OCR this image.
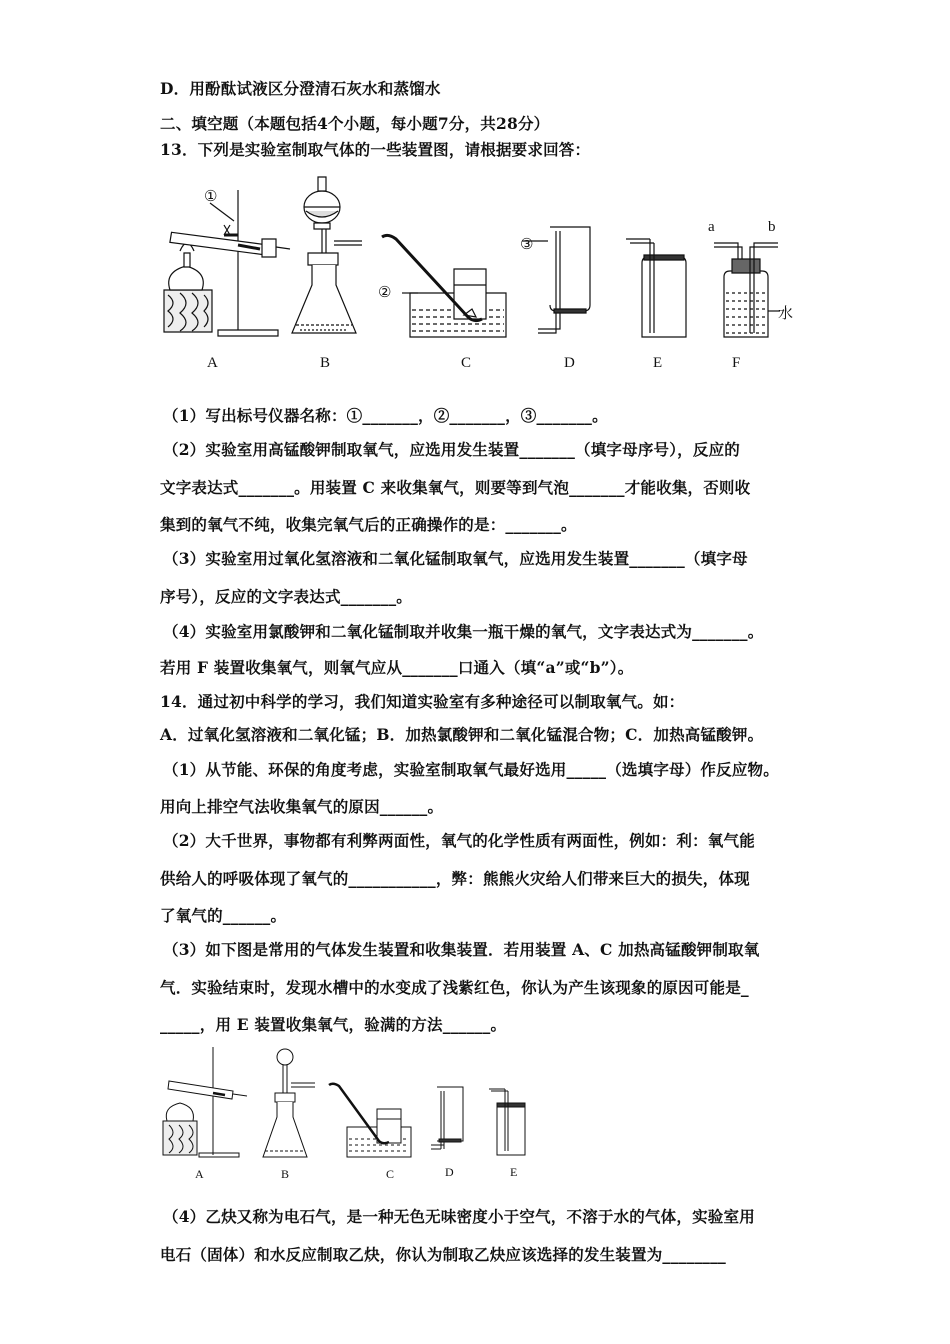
D．用酚酞试液区分澄清石灰水和蒸馏水
二、填空题（本题包括4个小题，每小题7分，共28分）
13．下列是实验室制取气体的一些装置图，请根据要求回答：
①
②
③
a	b
水
A	B	C	D	E	F
（1）写出标号仪器名称：①_______，②_______，③_______。
（2）实验室用高锰酸钾制取氧气，应选用发生装置_______（填字母序号），反应的
文字表达式_______。用装置 C 来收集氧气，则要等到气泡_______才能收集，否则收
集到的氧气不纯，收集完氧气后的正确操作的是：_______。
（3）实验室用过氧化氢溶液和二氧化锰制取氧气，应选用发生装置_______（填字母
序号），反应的文字表达式_______。
（4）实验室用氯酸钾和二氧化锰制取并收集一瓶干燥的氧气，文字表达式为_______。
若用 F 装置收集氧气，则氧气应从_______口通入（填“a”或“b”）。
14．通过初中科学的学习，我们知道实验室有多种途径可以制取氧气。如：
A．过氧化氢溶液和二氧化锰；B．加热氯酸钾和二氧化锰混合物；C．加热高锰酸钾。
（1）从节能、环保的角度考虑，实验室制取氧气最好选用_____（选填字母）作反应物。
用向上排空气法收集氧气的原因______。
（2）大千世界，事物都有利弊两面性，氧气的化学性质有两面性，例如：利：氧气能
供给人的呼吸体现了氧气的___________，弊：熊熊火灾给人们带来巨大的损失，体现
了氧气的______。
（3）如下图是常用的气体发生装置和收集装置．若用装置 A、C 加热高锰酸钾制取氧
气．实验结束时，发现水槽中的水变成了浅紫红色，你认为产生该现象的原因可能是_
_____，用 E 装置收集氧气，验满的方法______。
A	B	C	D	E
（4）乙炔又称为电石气，是一种无色无味密度小于空气，不溶于水的气体，实验室用
电石（固体）和水反应制取乙炔，你认为制取乙炔应该选择的发生装置为________
